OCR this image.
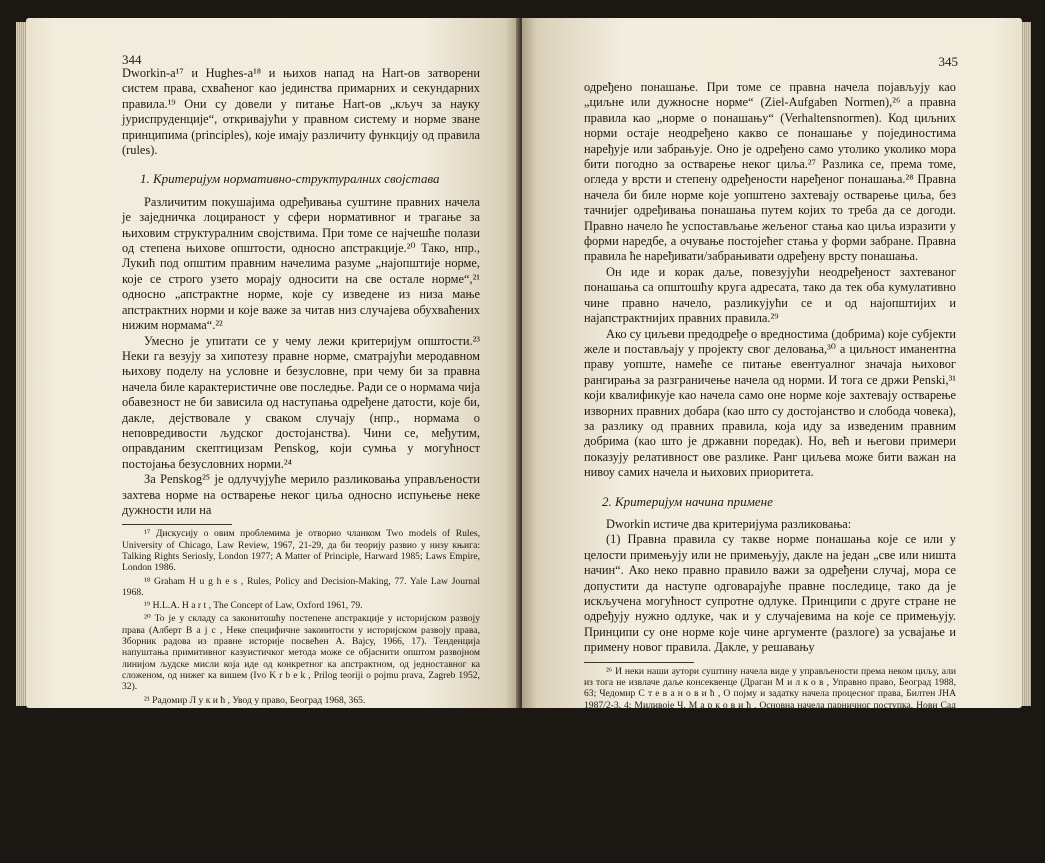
344

Dworkin-a¹⁷ и Hughes-a¹⁸ и њихов напад на Hart-ов затворени систем права, схваћеног као јединства примарних и секундарних правила.¹⁹ Они су довели у питање Hart-ов „кључ за науку јуриспруденције“, откривајући у правном систему и норме зване принципима (principles), које имају различиту функцију од правила (rules).

1. Критеријум нормативно-структуралних својстава

Различитим покушајима одређивања суштине правних начела је заједничка лоцираност у сфери нормативног и трагање за њиховим структуралним својствима. При томе се најчешће полази од степена њихове општости, односно апстракције.²⁰ Тако, нпр., Лукић под општим правним начелима разуме „најопштије норме, које се строго узето морају односити на све остале норме“,²¹ односно „апстрактне норме, које су изведене из низа мање апстрактних норми и које важе за читав низ случајева обухваћених нижим нормама“.²²

Умесно је упитати се у чему лежи критеријум општости.²³ Неки га везују за хипотезу правне норме, сматрајући меродавном њихову поделу на условне и безусловне, при чему би за правна начела биле карактеристичне ове последње. Ради се о нормама чија обавезност не би зависила од наступања одређене датости, које би, дакле, дејствовале у сваком случају (нпр., нормама о неповредивости људског достојанства). Чини се, међутим, оправданим скептицизам Penskog, који сумња у могућност постојања безусловних норми.²⁴

За Penskog²⁵ је одлучујуће мерило разликовања управљености захтева норме на остварење неког циља односно испуњење неке дужности или на

¹⁷ Дискусију о овим проблемима је отворио чланком Two models of Rules, University of Chicago, Law Review, 1967, 21-29, да би теорију развио у низу књига: Talking Rights Seriosly, London 1977; A Matter of Principle, Harward 1985; Laws Empire, London 1986.

¹⁸ Graham H u g h e s , Rules, Policy and Decision-Making, 77. Yale Law Journal 1968.

¹⁹ H.L.A. H a r t , The Concept of Law, Oxford 1961, 79.

²⁰ То је у складу са законитошћу постепене апстракције у историјском развоју права (Алберт В а ј с , Неке специфичне законитости у историјском развоју права, Зборник радова из правне историје посвећен А. Вајсу, 1966, 17). Тенденција напуштања примитивног казуистичког метода може се објаснити општом развојном линијом људске мисли која иде од конкретног ка апстрактном, од једноставног ка сложеном, од нижег ка вишем (Ivo K r b e k , Prilog teoriji o pojmu prava, Zagreb 1952, 32).

²¹ Радомир Л у к и ћ , Увод у право, Београд 1968, 365.

²² Радомир Л у к и ћ , Методологија права, Београд 1983, 215. Ово одређење прихвата и Загорка С и м и ћ - Ј е к и ћ , Кривично процесно право СФРЈ, Београд 1983, 9.

²³ Висковић указује на конфузију која у том смислу влада у теорији права, истичући разлику између својства апстрактност-конкретност и општост-појединачност. Прво се односи на релативну меру одређености садржаја норме, а друго на број адресата ( Nikola V i s k o v i ć , O normativnoj djelatnosti sudova, Zbornik Pravnog fakulteta u Splitu, 1965 III, 209).

²⁴ Ulrich P e n s k i , Rechtsgrundsatze und Rechtsregeln, Juristen Zeitung 1989/3, 107. Вероватно је нејасност ове поделе узрок и супротних мишљења. Лукић се, нпр., правни поредак чини незамисливим управо без постојања безусловних норми (Увод у право, 201).

²⁵ Ulrich P e n s k i , Rechtsgrundsatze und Rechtsregeln, Juristen Zeitung 1989/3, 108.

345

одређено понашање. При томе се правна начела појављују као „циљне или дужносне норме“ (Ziel-Aufgaben Normen),²⁶ а правна правила као „норме о понашању“ (Verhaltensnormen). Код циљних норми остаје неодређено какво се понашање у појединостима наређује или забрањује. Оно је одређено само утолико уколико мора бити погодно за остварење неког циља.²⁷ Разлика се, према томе, огледа у врсти и степену одређености наређеног понашања.²⁸ Правна начела би биле норме које уопштено захтевају остварење циља, без тачнијег одређивања понашања путем којих то треба да се догоди. Правно начело ће успостављање жељеног стања као циља изразити у форми наредбе, а очување постојећег стања у форми забране. Правна правила ће наређивати/забрањивати одређену врсту понашања.

Он иде и корак даље, повезујући неодређеност захтеваног понашања са општошћу круга адресата, тако да тек оба кумулативно чине правно начело, разликујући се и од најопштијих и најапстрактнијих правних правила.²⁹

Ако су циљеви предодређе о вредностима (добрима) које субјекти желе и постављају у пројекту свог деловања,³⁰ а циљност иманентна праву уопште, намеће се питање евентуалног значаја њиховог рангирања за разграничење начела од норми. И тога се држи Penski,³¹ који квалификује као начела само оне норме које захтевају остварење изворних правних добара (као што су достојанство и слобода човека), за разлику од правних правила, која иду за изведеним правним добрима (као што је државни поредак). Но, већ и његови примери показују релативност ове разлике. Ранг циљева може бити важан на нивоу самих начела и њихових приоритета.

2. Критеријум начина примене

Dworkin истиче два критеријума разликовања:

(1) Правна правила су такве норме понашања које се или у целости примењују или не примењују, дакле на један „све или ништа начин“. Ако неко правно правило важи за одређени случај, мора се допустити да наступе одговарајуће правне последице, тако да је искључена могућност супротне одлуке. Принципи с друге стране не одређују нужно одлуке, чак и у случајевима на које се примењују. Принципи су оне норме које чине аргументе (разлоге) за усвајање и примену новог правила. Дакле, у решавању

²⁶ И неки наши аутори суштину начела виде у управљености према неком циљу, али из тога не извлаче даље консеквенце (Драган М и л к о в , Управно право, Београд 1988, 63; Чедомир С т е в а н о в и ћ , О појму и задатку начела процесног права, Билтен ЈНА 1987/2-3, 4; Миливоје Ч. М а р к о в и ћ , Основна начела парничног поступка, Нови Сад 1977, 1).

²⁷ Ota W e i n b e r g e r , Rechtslogik, Wien – New York 1970, 245.

²⁸ Стога Penski предлаже као адекватније називе: Normen zielbestimmten Verhaltens/Normen artbestimmten Verhaltens (нав. дело, 108).

²⁹ По њему, норма о очувању јавне безбедности и поретка, адресирана на одређено лице или орган, нпр. полицију, престаје бити начело и постаје обично правно правило (нав. дело, 108).

³⁰ Nikola V i s k o v i ć , Pojam prava, Split 1976, 107.

³¹ Ulrich P e n s k i , Rechtsgrundsatze und Rechtsregeln, Juristen Zeitung 1989/3, 108.
